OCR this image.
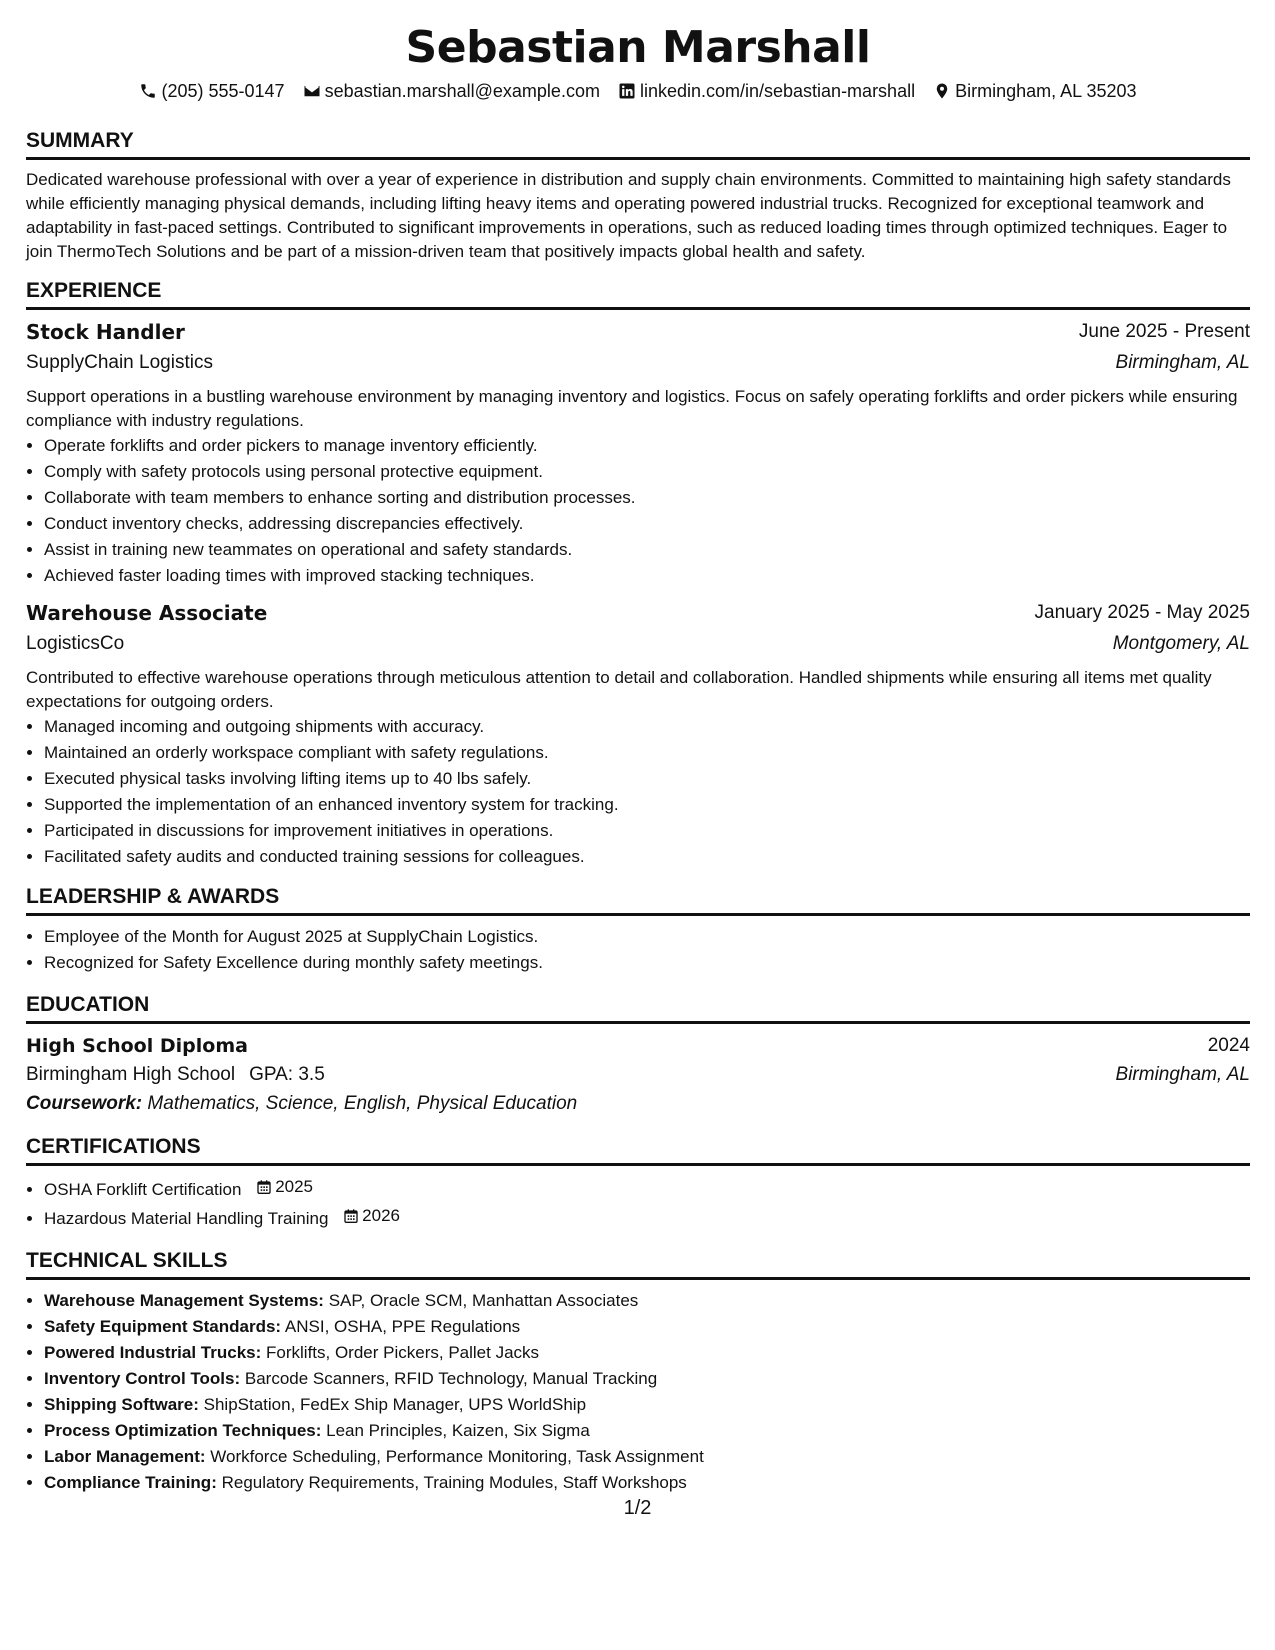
Sebastian Marshall
(205) 555-0147 sebastian.marshall@example.com linkedin.com/in/sebastian-marshall Birmingham, AL 35203
SUMMARY
Dedicated warehouse professional with over a year of experience in distribution and supply chain environments. Committed to maintaining high safety standards while efficiently managing physical demands, including lifting heavy items and operating powered industrial trucks. Recognized for exceptional teamwork and adaptability in fast-paced settings. Contributed to significant improvements in operations, such as reduced loading times through optimized techniques. Eager to join ThermoTech Solutions and be part of a mission-driven team that positively impacts global health and safety.
EXPERIENCE
Stock Handler	June 2025 - Present
SupplyChain Logistics	Birmingham, AL
Support operations in a bustling warehouse environment by managing inventory and logistics. Focus on safely operating forklifts and order pickers while ensuring compliance with industry regulations.
• Operate forklifts and order pickers to manage inventory efficiently.
• Comply with safety protocols using personal protective equipment.
• Collaborate with team members to enhance sorting and distribution processes.
• Conduct inventory checks, addressing discrepancies effectively.
• Assist in training new teammates on operational and safety standards.
• Achieved faster loading times with improved stacking techniques.
Warehouse Associate	January 2025 - May 2025
LogisticsCo	Montgomery, AL
Contributed to effective warehouse operations through meticulous attention to detail and collaboration. Handled shipments while ensuring all items met quality expectations for outgoing orders.
• Managed incoming and outgoing shipments with accuracy.
• Maintained an orderly workspace compliant with safety regulations.
• Executed physical tasks involving lifting items up to 40 lbs safely.
• Supported the implementation of an enhanced inventory system for tracking.
• Participated in discussions for improvement initiatives in operations.
• Facilitated safety audits and conducted training sessions for colleagues.
LEADERSHIP & AWARDS
• Employee of the Month for August 2025 at SupplyChain Logistics.
• Recognized for Safety Excellence during monthly safety meetings.
EDUCATION
High School Diploma	2024
Birmingham High School GPA: 3.5	Birmingham, AL
Coursework: Mathematics, Science, English, Physical Education
CERTIFICATIONS
• OSHA Forklift Certification 2025
• Hazardous Material Handling Training 2026
TECHNICAL SKILLS
• Warehouse Management Systems: SAP, Oracle SCM, Manhattan Associates
• Safety Equipment Standards: ANSI, OSHA, PPE Regulations
• Powered Industrial Trucks: Forklifts, Order Pickers, Pallet Jacks
• Inventory Control Tools: Barcode Scanners, RFID Technology, Manual Tracking
• Shipping Software: ShipStation, FedEx Ship Manager, UPS WorldShip
• Process Optimization Techniques: Lean Principles, Kaizen, Six Sigma
• Labor Management: Workforce Scheduling, Performance Monitoring, Task Assignment
• Compliance Training: Regulatory Requirements, Training Modules, Staff Workshops
1/2
